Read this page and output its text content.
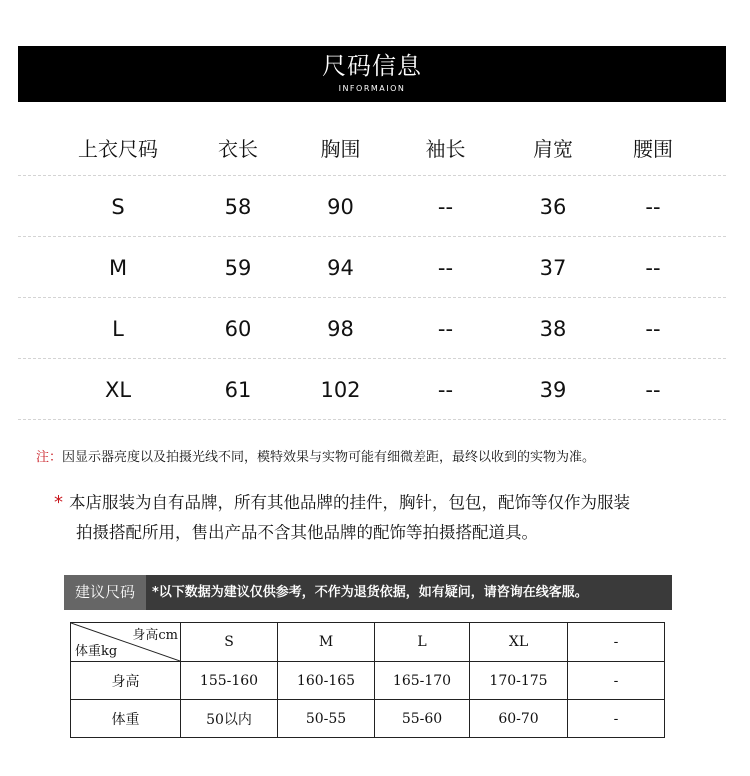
尺码信息
INFORMAION
上衣尺码	衣长	胸围	袖长	肩宽	腰围
S	58	90	--	36	--
M	59	94	--	37	--
L	60	98	--	38	--
XL	61	102	--	39	--
注：因显示器亮度以及拍摄光线不同，模特效果与实物可能有细微差距，最终以收到的实物为准。
* 本店服装为自有品牌，所有其他品牌的挂件，胸针，包包，配饰等仅作为服装
拍摄搭配所用，售出产品不含其他品牌的配饰等拍摄搭配道具。
建议尺码	*以下数据为建议仅供参考，不作为退货依据，如有疑问，请咨询在线客服。
身高cm
体重kg	S	M	L	XL	-
身高	155-160	160-165	165-170	170-175	-
体重	50以内	50-55	55-60	60-70	-
